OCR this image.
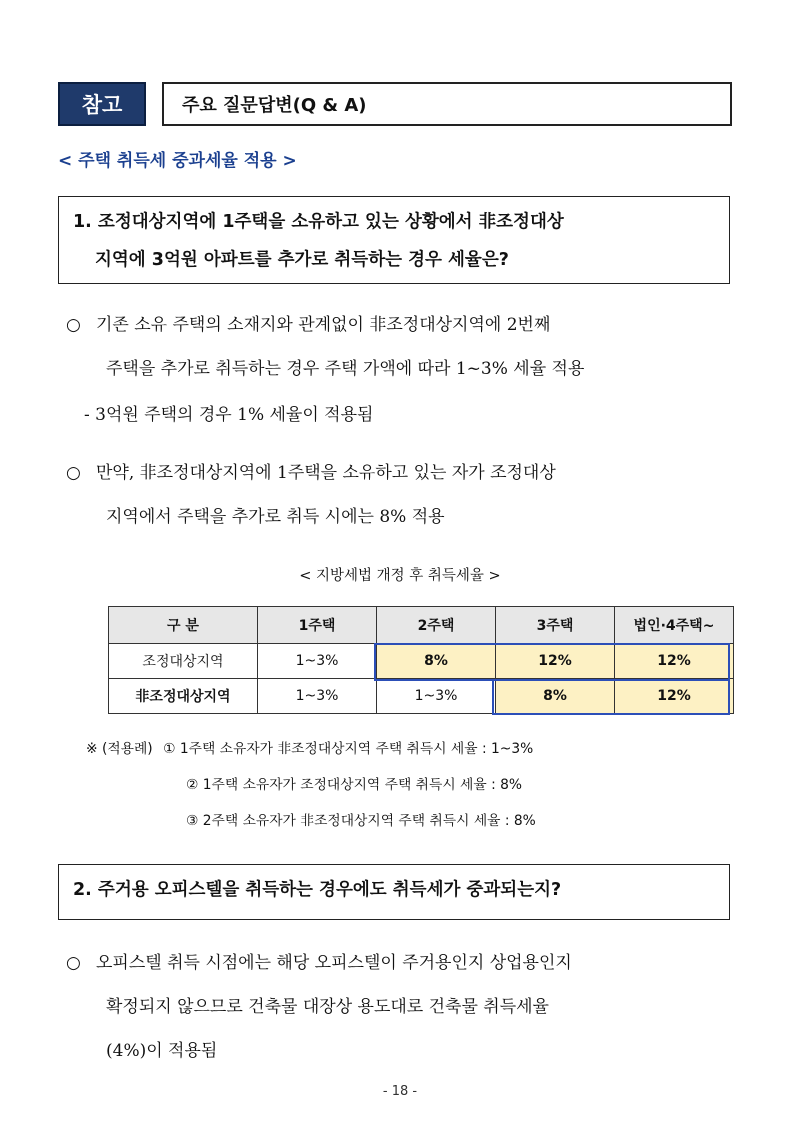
참고	주요 질문답변(Q & A)
< 주택 취득세 중과세율 적용 >
1. 조정대상지역에 1주택을 소유하고 있는 상황에서 非조정대상
지역에 3억원 아파트를 추가로 취득하는 경우 세율은?
○ 기존 소유 주택의 소재지와 관계없이 非조정대상지역에 2번째
주택을 추가로 취득하는 경우 주택 가액에 따라 1~3% 세율 적용
- 3억원 주택의 경우 1% 세율이 적용됨
○ 만약, 非조정대상지역에 1주택을 소유하고 있는 자가 조정대상
지역에서 주택을 추가로 취득 시에는 8% 적용
< 지방세법 개정 후 취득세율 >
구 분	1주택	2주택	3주택	법인·4주택~
조정대상지역	1~3%	8%	12%	12%
非조정대상지역	1~3%	1~3%	8%	12%
※ (적용례) ① 1주택 소유자가 非조정대상지역 주택 취득시 세율 : 1~3%
② 1주택 소유자가 조정대상지역 주택 취득시 세율 : 8%
③ 2주택 소유자가 非조정대상지역 주택 취득시 세율 : 8%
2. 주거용 오피스텔을 취득하는 경우에도 취득세가 중과되는지?
○ 오피스텔 취득 시점에는 해당 오피스텔이 주거용인지 상업용인지
확정되지 않으므로 건축물 대장상 용도대로 건축물 취득세율
(4%)이 적용됨
- 18 -
